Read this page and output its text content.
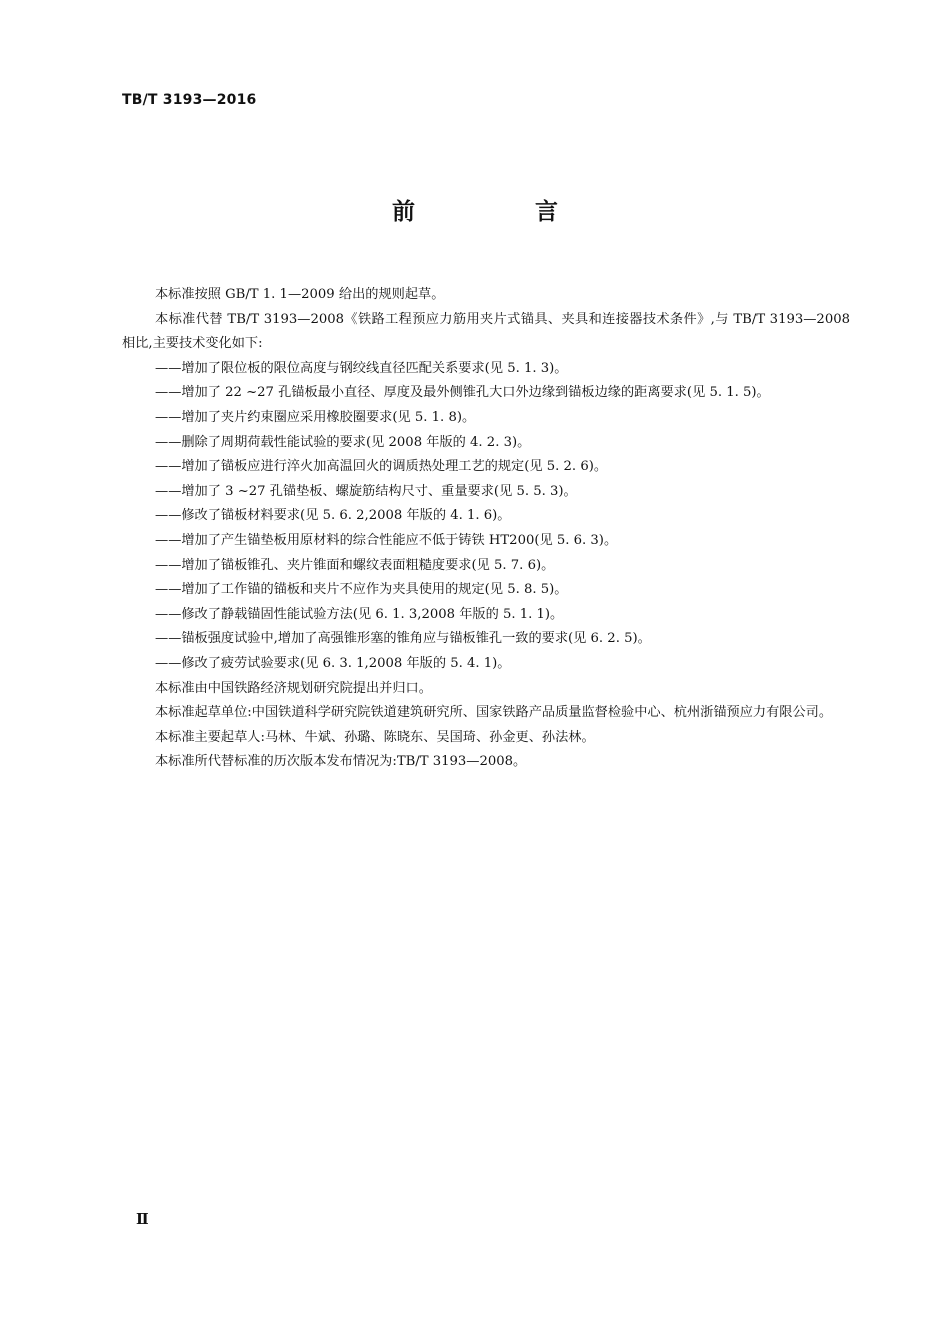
TB/T 3193—2016
前 言

本标准按照 GB/T 1. 1—2009 给出的规则起草。

本标准代替 TB/T 3193—2008《铁路工程预应力筋用夹片式锚具、夹具和连接器技术条件》,与 TB/T 3193—2008 相比,主要技术变化如下:

——增加了限位板的限位高度与钢绞线直径匹配关系要求(见 5. 1. 3)。

——增加了 22 ~27 孔锚板最小直径、厚度及最外侧锥孔大口外边缘到锚板边缘的距离要求(见 5. 1. 5)。

——增加了夹片约束圈应采用橡胶圈要求(见 5. 1. 8)。

——删除了周期荷载性能试验的要求(见 2008 年版的 4. 2. 3)。

——增加了锚板应进行淬火加高温回火的调质热处理工艺的规定(见 5. 2. 6)。

——增加了 3 ~27 孔锚垫板、螺旋筋结构尺寸、重量要求(见 5. 5. 3)。

——修改了锚板材料要求(见 5. 6. 2,2008 年版的 4. 1. 6)。

——增加了产生锚垫板用原材料的综合性能应不低于铸铁 HT200(见 5. 6. 3)。

——增加了锚板锥孔、夹片锥面和螺纹表面粗糙度要求(见 5. 7. 6)。

——增加了工作锚的锚板和夹片不应作为夹具使用的规定(见 5. 8. 5)。

——修改了静载锚固性能试验方法(见 6. 1. 3,2008 年版的 5. 1. 1)。

——锚板强度试验中,增加了高强锥形塞的锥角应与锚板锥孔一致的要求(见 6. 2. 5)。

——修改了疲劳试验要求(见 6. 3. 1,2008 年版的 5. 4. 1)。

本标准由中国铁路经济规划研究院提出并归口。

本标准起草单位:中国铁道科学研究院铁道建筑研究所、国家铁路产品质量监督检验中心、杭州浙锚预应力有限公司。

本标准主要起草人:马林、牛斌、孙璐、陈晓东、吴国琦、孙金更、孙法林。

本标准所代替标准的历次版本发布情况为:TB/T 3193—2008。

Ⅱ
